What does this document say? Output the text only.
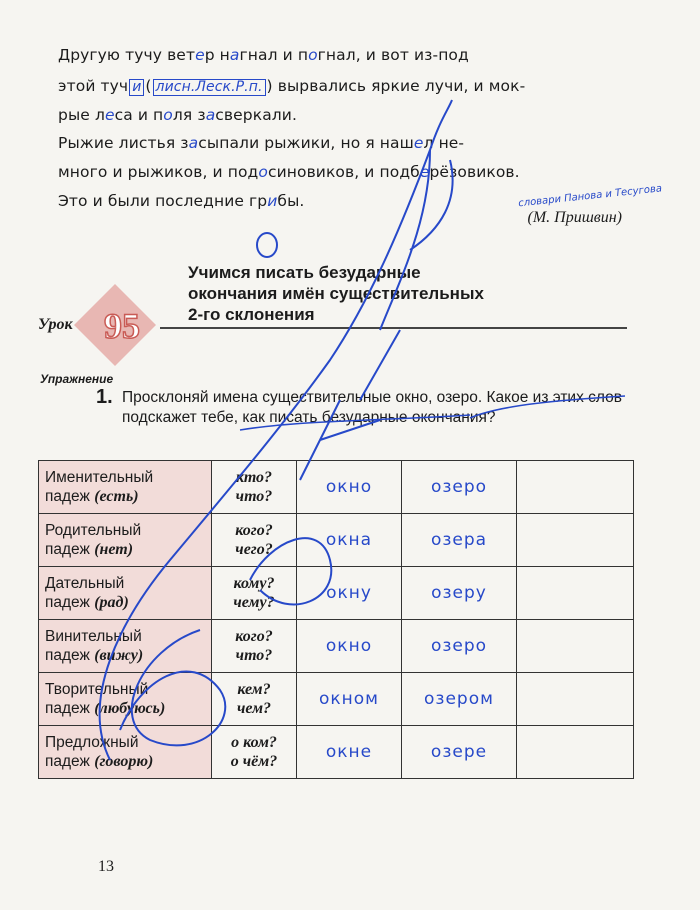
Другую тучу ветер нагнал и погнал, и вот из-под
этой туч и ( лисн.Леск.Р.п. ) вырвались яркие лучи, и мок-
рые леса и поля засверкали.
Рыжие листья засыпали рыжики, но я нашел не-
много и рыжиков, и подосиновиков, и подберёзовиков.
Это и были последние грибы.
(М. Пришвин)
словари Панова и Тесугова
95
Урок
Учимся писать безударные
окончания имён существительных
2-го склонения
Упражнение
1. Просклоняй имена существительные окно, озеро. Какое из этих слов подскажет тебе, как писать безударные окончания?
Именительный
падеж (есть)	кто?
что?	окно	озеро	
Родительный
падеж (нет)	кого?
чего?	окна	озера	
Дательный
падеж (рад)	кому?
чему?	окну	озеру	
Винительный
падеж (вижу)	кого?
что?	окно	озеро	
Творительный
падеж (любуюсь)	кем?
чем?	окном	озером	
Предложный
падеж (говорю)	о ком?
о чём?	окне	озере	
13
